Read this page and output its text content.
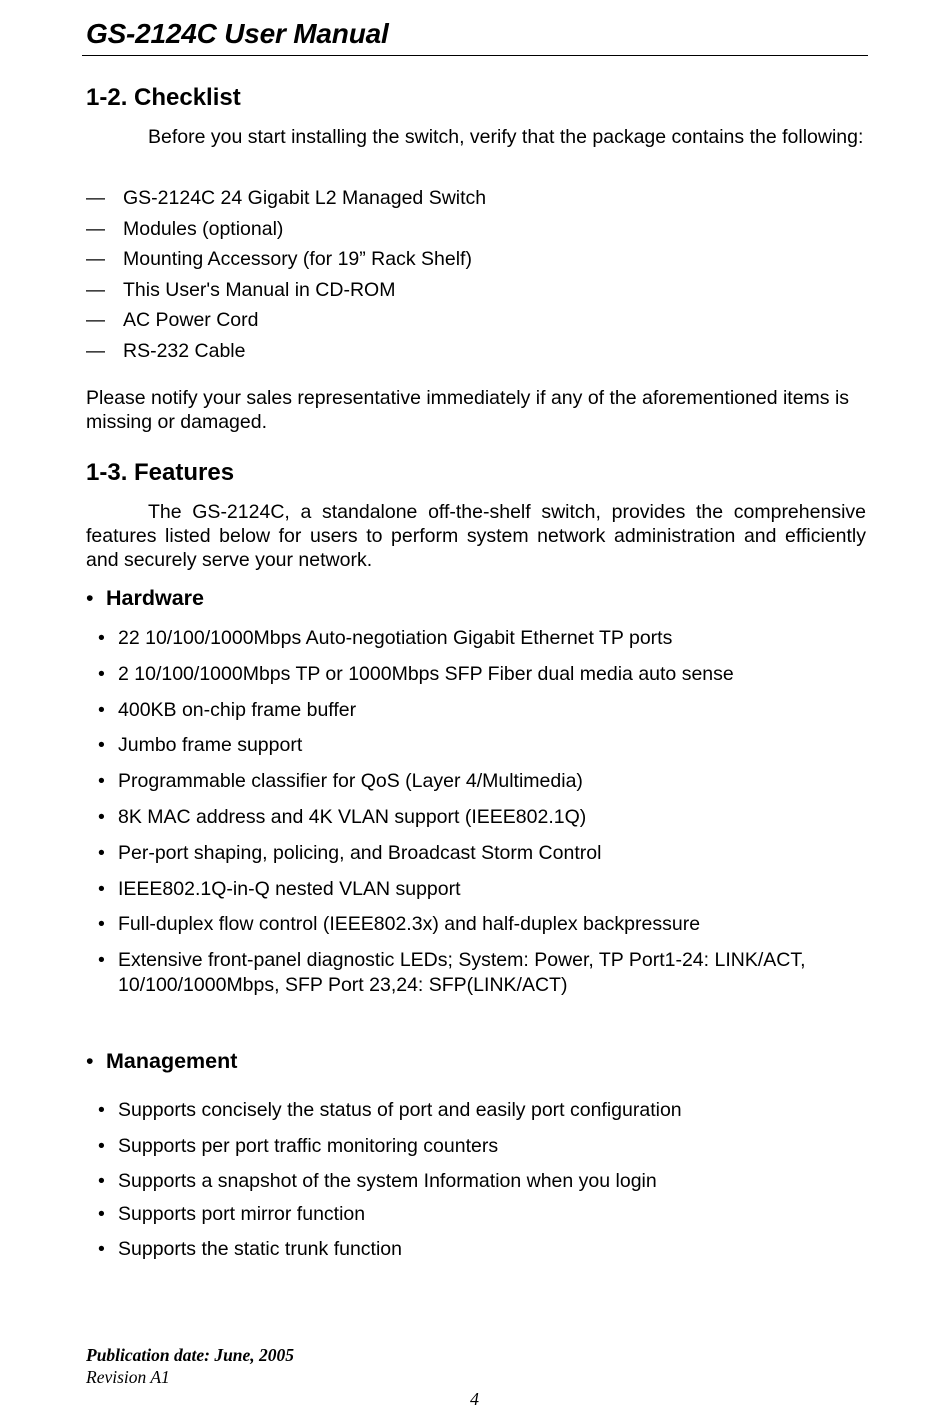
GS-2124C User Manual
1-2. Checklist
Before you start installing the switch, verify that the package contains the following:
— GS-2124C 24 Gigabit L2 Managed Switch
— Modules (optional)
— Mounting Accessory (for 19” Rack Shelf)
— This User's Manual in CD-ROM
— AC Power Cord
— RS-232 Cable
Please notify your sales representative immediately if any of the aforementioned items is missing or damaged.
1-3. Features
The GS-2124C, a standalone off-the-shelf switch, provides the comprehensive features listed below for users to perform system network administration and efficiently and securely serve your network.
• Hardware
• 22 10/100/1000Mbps Auto-negotiation Gigabit Ethernet TP ports
• 2 10/100/1000Mbps TP or 1000Mbps SFP Fiber dual media auto sense
• 400KB on-chip frame buffer
• Jumbo frame support
• Programmable classifier for QoS (Layer 4/Multimedia)
• 8K MAC address and 4K VLAN support (IEEE802.1Q)
• Per-port shaping, policing, and Broadcast Storm Control
• IEEE802.1Q-in-Q nested VLAN support
• Full-duplex flow control (IEEE802.3x) and half-duplex backpressure
• Extensive front-panel diagnostic LEDs; System: Power, TP Port1-24: LINK/ACT, 10/100/1000Mbps, SFP Port 23,24: SFP(LINK/ACT)
• Management
• Supports concisely the status of port and easily port configuration
• Supports per port traffic monitoring counters
• Supports a snapshot of the system Information when you login
• Supports port mirror function
• Supports the static trunk function
Publication date: June, 2005
Revision A1
4
